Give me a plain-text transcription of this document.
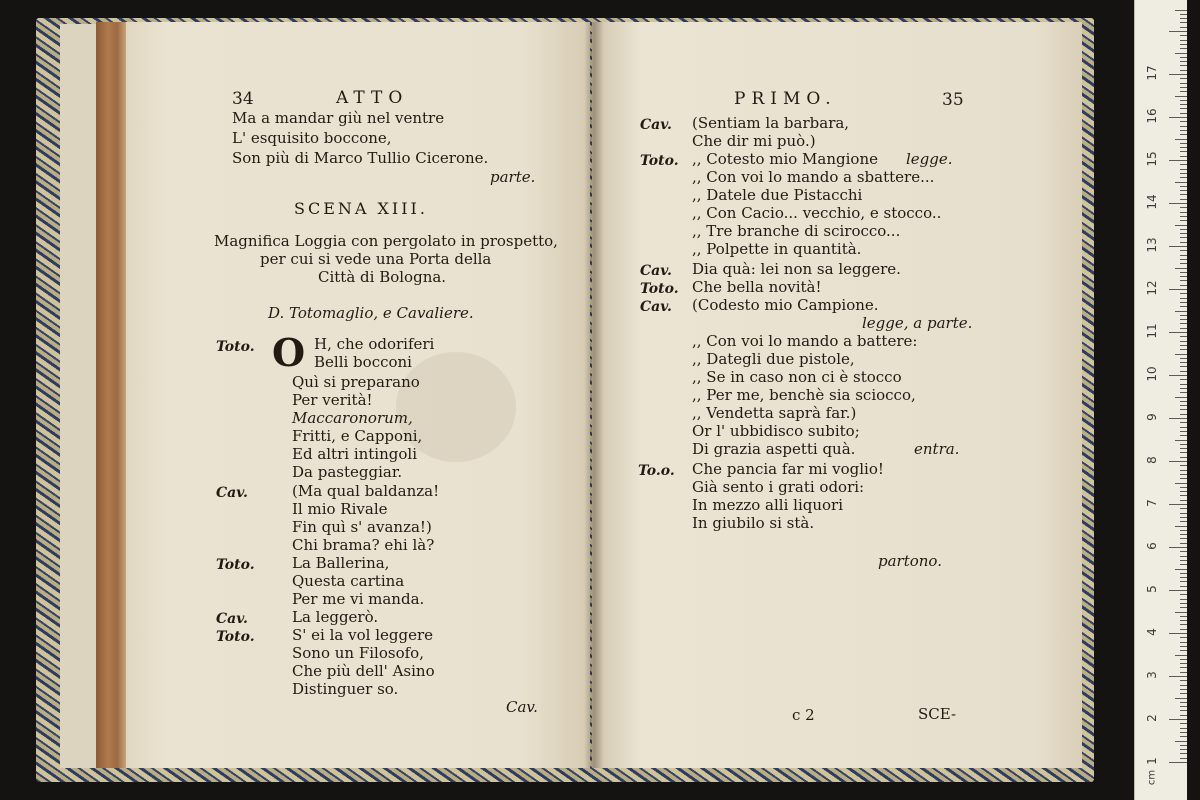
34	ATTO
Ma a mandar giù nel ventre
L' esquisito boccone,
Son più di Marco Tullio Cicerone.
parte.
SCENA XIII.
Magnifica Loggia con pergolato in prospetto,
per cui si vede una Porta della
Città di Bologna.
D. Totomaglio, e Cavaliere.
Toto. O H, che odoriferi
Belli bocconi
Quì si preparano
Per verità!
Maccaronorum,
Fritti, e Capponi,
Ed altri intingoli
Da pasteggiar.
Cav.	(Ma qual baldanza!
Il mio Rivale
Fin quì s' avanza!)
Chi brama? ehi là?
Toto. La Ballerina,
Questa cartina
Per me vi manda.
Cav.	La leggerò.
Toto. S' ei la vol leggere
Sono un Filosofo,
Che più dell' Asino
Distinguer so.
Cav.
PRIMO.	35
Cav. (Sentiam la barbara,
Che dir mi può.)
Toto. ,, Cotesto mio Mangione legge.
,, Con voi lo mando a sbattere...
,, Datele due Pistacchi
,, Con Cacio... vecchio, e stocco..
,, Tre branche di scirocco...
,, Polpette in quantità.
Cav. Dia quà: lei non sa leggere.
Toto. Che bella novità!
Cav. (Codesto mio Campione.
legge, a parte.
,, Con voi lo mando a battere:
,, Dategli due pistole,
,, Se in caso non ci è stocco
,, Per me, benchè sia sciocco,
,, Vendetta saprà far.)
Or l' ubbidisco subito;
Di grazia aspetti quà.	entra.
To.o. Che pancia far mi voglio!
Già sento i grati odori:
In mezzo alli liquori
In giubilo si stà.
partono.
c 2	SCE-
1
2
3
4
5
6
7
8
9
10
11
12
13
14
15
16
17
cm
